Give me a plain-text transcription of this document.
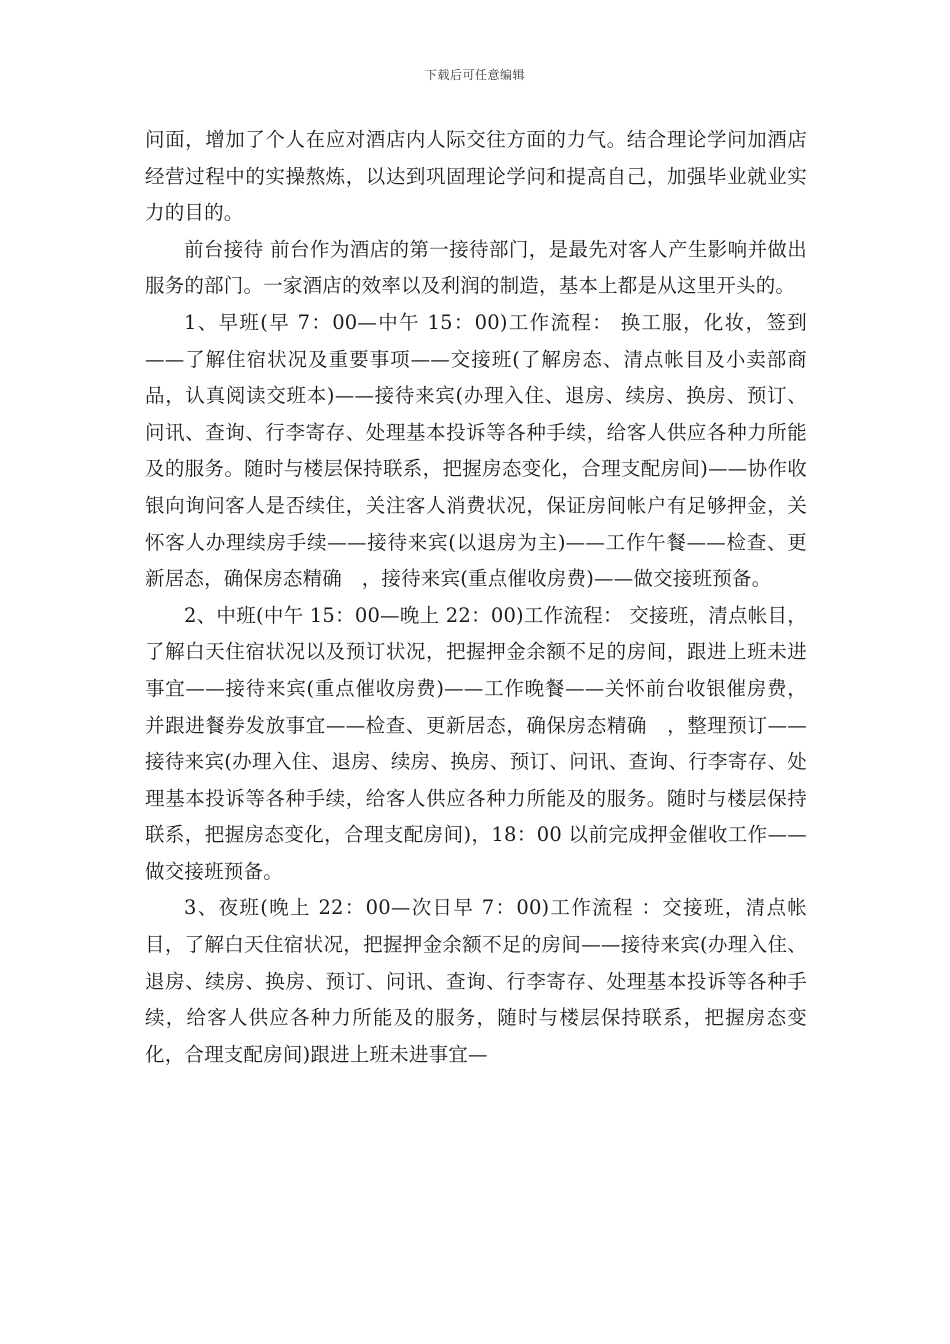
下载后可任意编辑

问面，增加了个人在应对酒店内人际交往方面的力气。结合理论学问加酒店经营过程中的实操熬炼，以达到巩固理论学问和提高自己，加强毕业就业实力的目的。

前台接待 前台作为酒店的第一接待部门，是最先对客人产生影响并做出服务的部门。一家酒店的效率以及利润的制造，基本上都是从这里开头的。

1、早班(早 7：00—中午 15：00)工作流程： 换工服，化妆，签到——了解住宿状况及重要事项——交接班(了解房态、清点帐目及小卖部商品，认真阅读交班本)——接待来宾(办理入住、退房、续房、换房、预订、问讯、查询、行李寄存、处理基本投诉等各种手续，给客人供应各种力所能及的服务。随时与楼层保持联系，把握房态变化，合理支配房间)——协作收银向询问客人是否续住，关注客人消费状况，保证房间帐户有足够押金，关怀客人办理续房手续——接待来宾(以退房为主)——工作午餐——检查、更新居态，确保房态精确　，接待来宾(重点催收房费)——做交接班预备。

2、中班(中午 15：00—晚上 22：00)工作流程： 交接班，清点帐目，了解白天住宿状况以及预订状况，把握押金余额不足的房间，跟进上班未进事宜——接待来宾(重点催收房费)——工作晚餐——关怀前台收银催房费，并跟进餐券发放事宜——检查、更新居态，确保房态精确　，整理预订——接待来宾(办理入住、退房、续房、换房、预订、问讯、查询、行李寄存、处理基本投诉等各种手续，给客人供应各种力所能及的服务。随时与楼层保持联系，把握房态变化，合理支配房间)，18：00 以前完成押金催收工作——做交接班预备。

3、夜班(晚上 22：00—次日早 7：00)工作流程 ：交接班，清点帐目，了解白天住宿状况，把握押金余额不足的房间——接待来宾(办理入住、退房、续房、换房、预订、问讯、查询、行李寄存、处理基本投诉等各种手续，给客人供应各种力所能及的服务，随时与楼层保持联系，把握房态变化，合理支配房间)跟进上班未进事宜—
